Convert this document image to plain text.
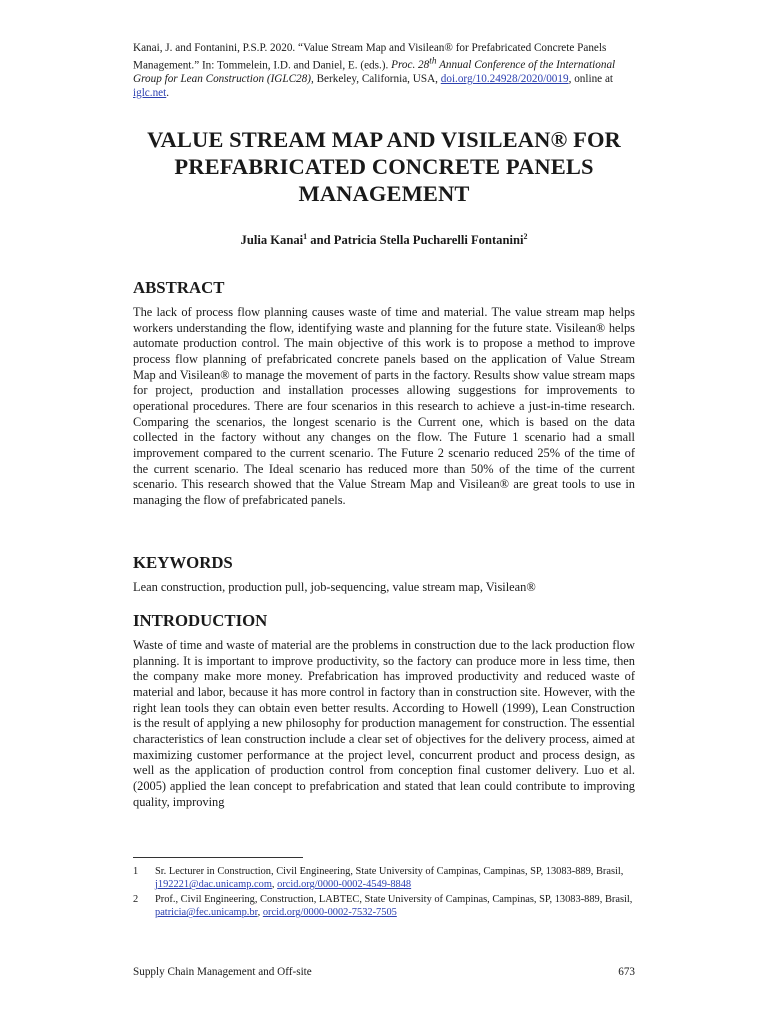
Kanai, J. and Fontanini, P.S.P. 2020. “Value Stream Map and Visilean® for Prefabricated Concrete Panels Management.” In: Tommelein, I.D. and Daniel, E. (eds.). Proc. 28th Annual Conference of the International Group for Lean Construction (IGLC28), Berkeley, California, USA, doi.org/10.24928/2020/0019, online at iglc.net.
VALUE STREAM MAP AND VISILEAN® FOR PREFABRICATED CONCRETE PANELS MANAGEMENT
Julia Kanai$^1$ and Patricia Stella Pucharelli Fontanini$^2$
ABSTRACT
The lack of process flow planning causes waste of time and material. The value stream map helps workers understanding the flow, identifying waste and planning for the future state. Visilean® helps automate production control. The main objective of this work is to propose a method to improve process flow planning of prefabricated concrete panels based on the application of Value Stream Map and Visilean® to manage the movement of parts in the factory. Results show value stream maps for project, production and installation processes allowing suggestions for improvements to operational procedures. There are four scenarios in this research to achieve a just-in-time research. Comparing the scenarios, the longest scenario is the Current one, which is based on the data collected in the factory without any changes on the flow. The Future 1 scenario had a small improvement compared to the current scenario. The Future 2 scenario reduced 25% of the time of the current scenario. The Ideal scenario has reduced more than 50% of the time of the current scenario. This research showed that the Value Stream Map and Visilean® are great tools to use in managing the flow of prefabricated panels.
KEYWORDS
Lean construction, production pull, job-sequencing, value stream map, Visilean®
INTRODUCTION
Waste of time and waste of material are the problems in construction due to the lack production flow planning. It is important to improve productivity, so the factory can produce more in less time, then the company make more money. Prefabrication has improved productivity and reduced waste of material and labor, because it has more control in factory than in construction site. However, with the right lean tools they can obtain even better results. According to Howell (1999), Lean Construction is the result of applying a new philosophy for production management for construction. The essential characteristics of lean construction include a clear set of objectives for the delivery process, aimed at maximizing customer performance at the project level, concurrent product and process design, as well as the application of production control from conception final customer delivery. Luo et al. (2005) applied the lean concept to prefabrication and stated that lean could contribute to improving quality, improving
1 Sr. Lecturer in Construction, Civil Engineering, State University of Campinas, Campinas, SP, 13083-889, Brasil, j192221@dac.unicamp.com, orcid.org/0000-0002-4549-8848
2 Prof., Civil Engineering, Construction, LABTEC, State University of Campinas, Campinas, SP, 13083-889, Brasil, patricia@fec.unicamp.br, orcid.org/0000-0002-7532-7505
Supply Chain Management and Off-site	673
